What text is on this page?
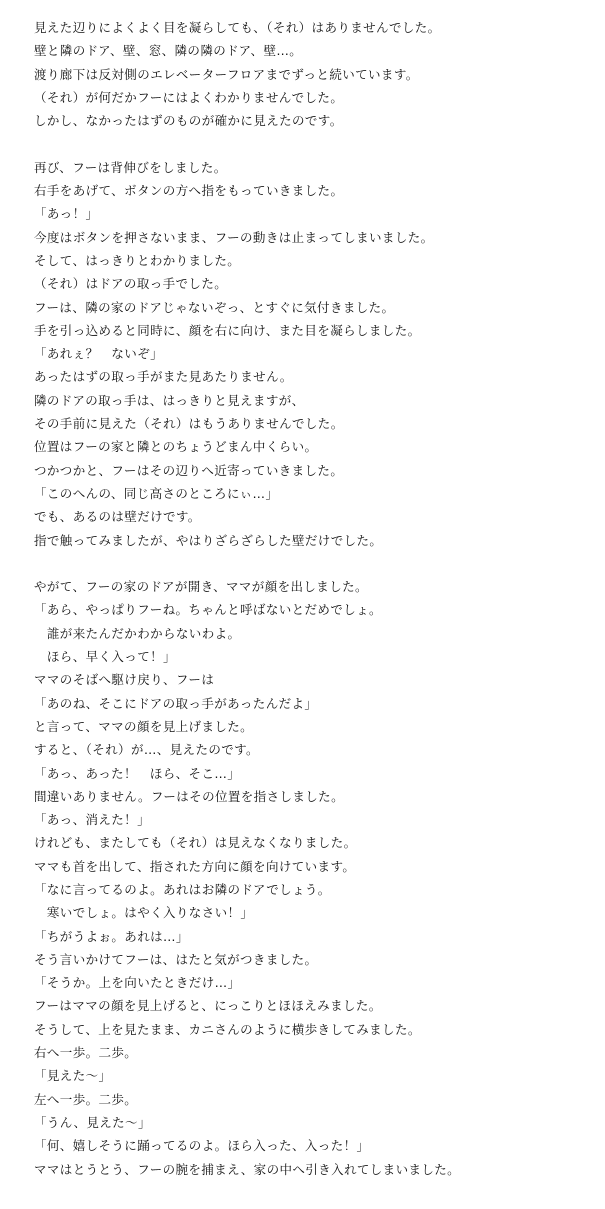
見えた辺りによくよく目を凝らしても、（それ）はありませんでした。
壁と隣のドア、壁、窓、隣の隣のドア、壁…。
渡り廊下は反対側のエレベーターフロアまでずっと続いています。
（それ）が何だかフーにはよくわかりませんでした。
しかし、なかったはずのものが確かに見えたのです。
再び、フーは背伸びをしました。
右手をあげて、ボタンの方へ指をもっていきました。
「あっ！」
今度はボタンを押さないまま、フーの動きは止まってしまいました。
そして、はっきりとわかりました。
（それ）はドアの取っ手でした。
フーは、隣の家のドアじゃないぞっ、とすぐに気付きました。
手を引っ込めると同時に、顔を右に向け、また目を凝らしました。
「あれぇ？　ないぞ」
あったはずの取っ手がまた見あたりません。
隣のドアの取っ手は、はっきりと見えますが、
その手前に見えた（それ）はもうありませんでした。
位置はフーの家と隣とのちょうどまん中くらい。
つかつかと、フーはその辺りへ近寄っていきました。
「このへんの、同じ高さのところにぃ…」
でも、あるのは壁だけです。
指で触ってみましたが、やはりざらざらした壁だけでした。
やがて、フーの家のドアが開き、ママが顔を出しました。
「あら、やっぱりフーね。ちゃんと呼ばないとだめでしょ。
　誰が来たんだかわからないわよ。
　ほら、早く入って！」
ママのそばへ駆け戻り、フーは
「あのね、そこにドアの取っ手があったんだよ」
と言って、ママの顔を見上げました。
すると、（それ）が…、見えたのです。
「あっ、あった！　ほら、そこ…」
間違いありません。フーはその位置を指さしました。
「あっ、消えた！」
けれども、またしても（それ）は見えなくなりました。
ママも首を出して、指された方向に顔を向けています。
「なに言ってるのよ。あれはお隣のドアでしょう。
　寒いでしょ。はやく入りなさい！」
「ちがうよぉ。あれは…」
そう言いかけてフーは、はたと気がつきました。
「そうか。上を向いたときだけ…」
フーはママの顔を見上げると、にっこりとほほえみました。
そうして、上を見たまま、カニさんのように横歩きしてみました。
右へ一歩。二歩。
「見えた～」
左へ一歩。二歩。
「うん、見えた～」
「何、嬉しそうに踊ってるのよ。ほら入った、入った！」
ママはとうとう、フーの腕を捕まえ、家の中へ引き入れてしまいました。
